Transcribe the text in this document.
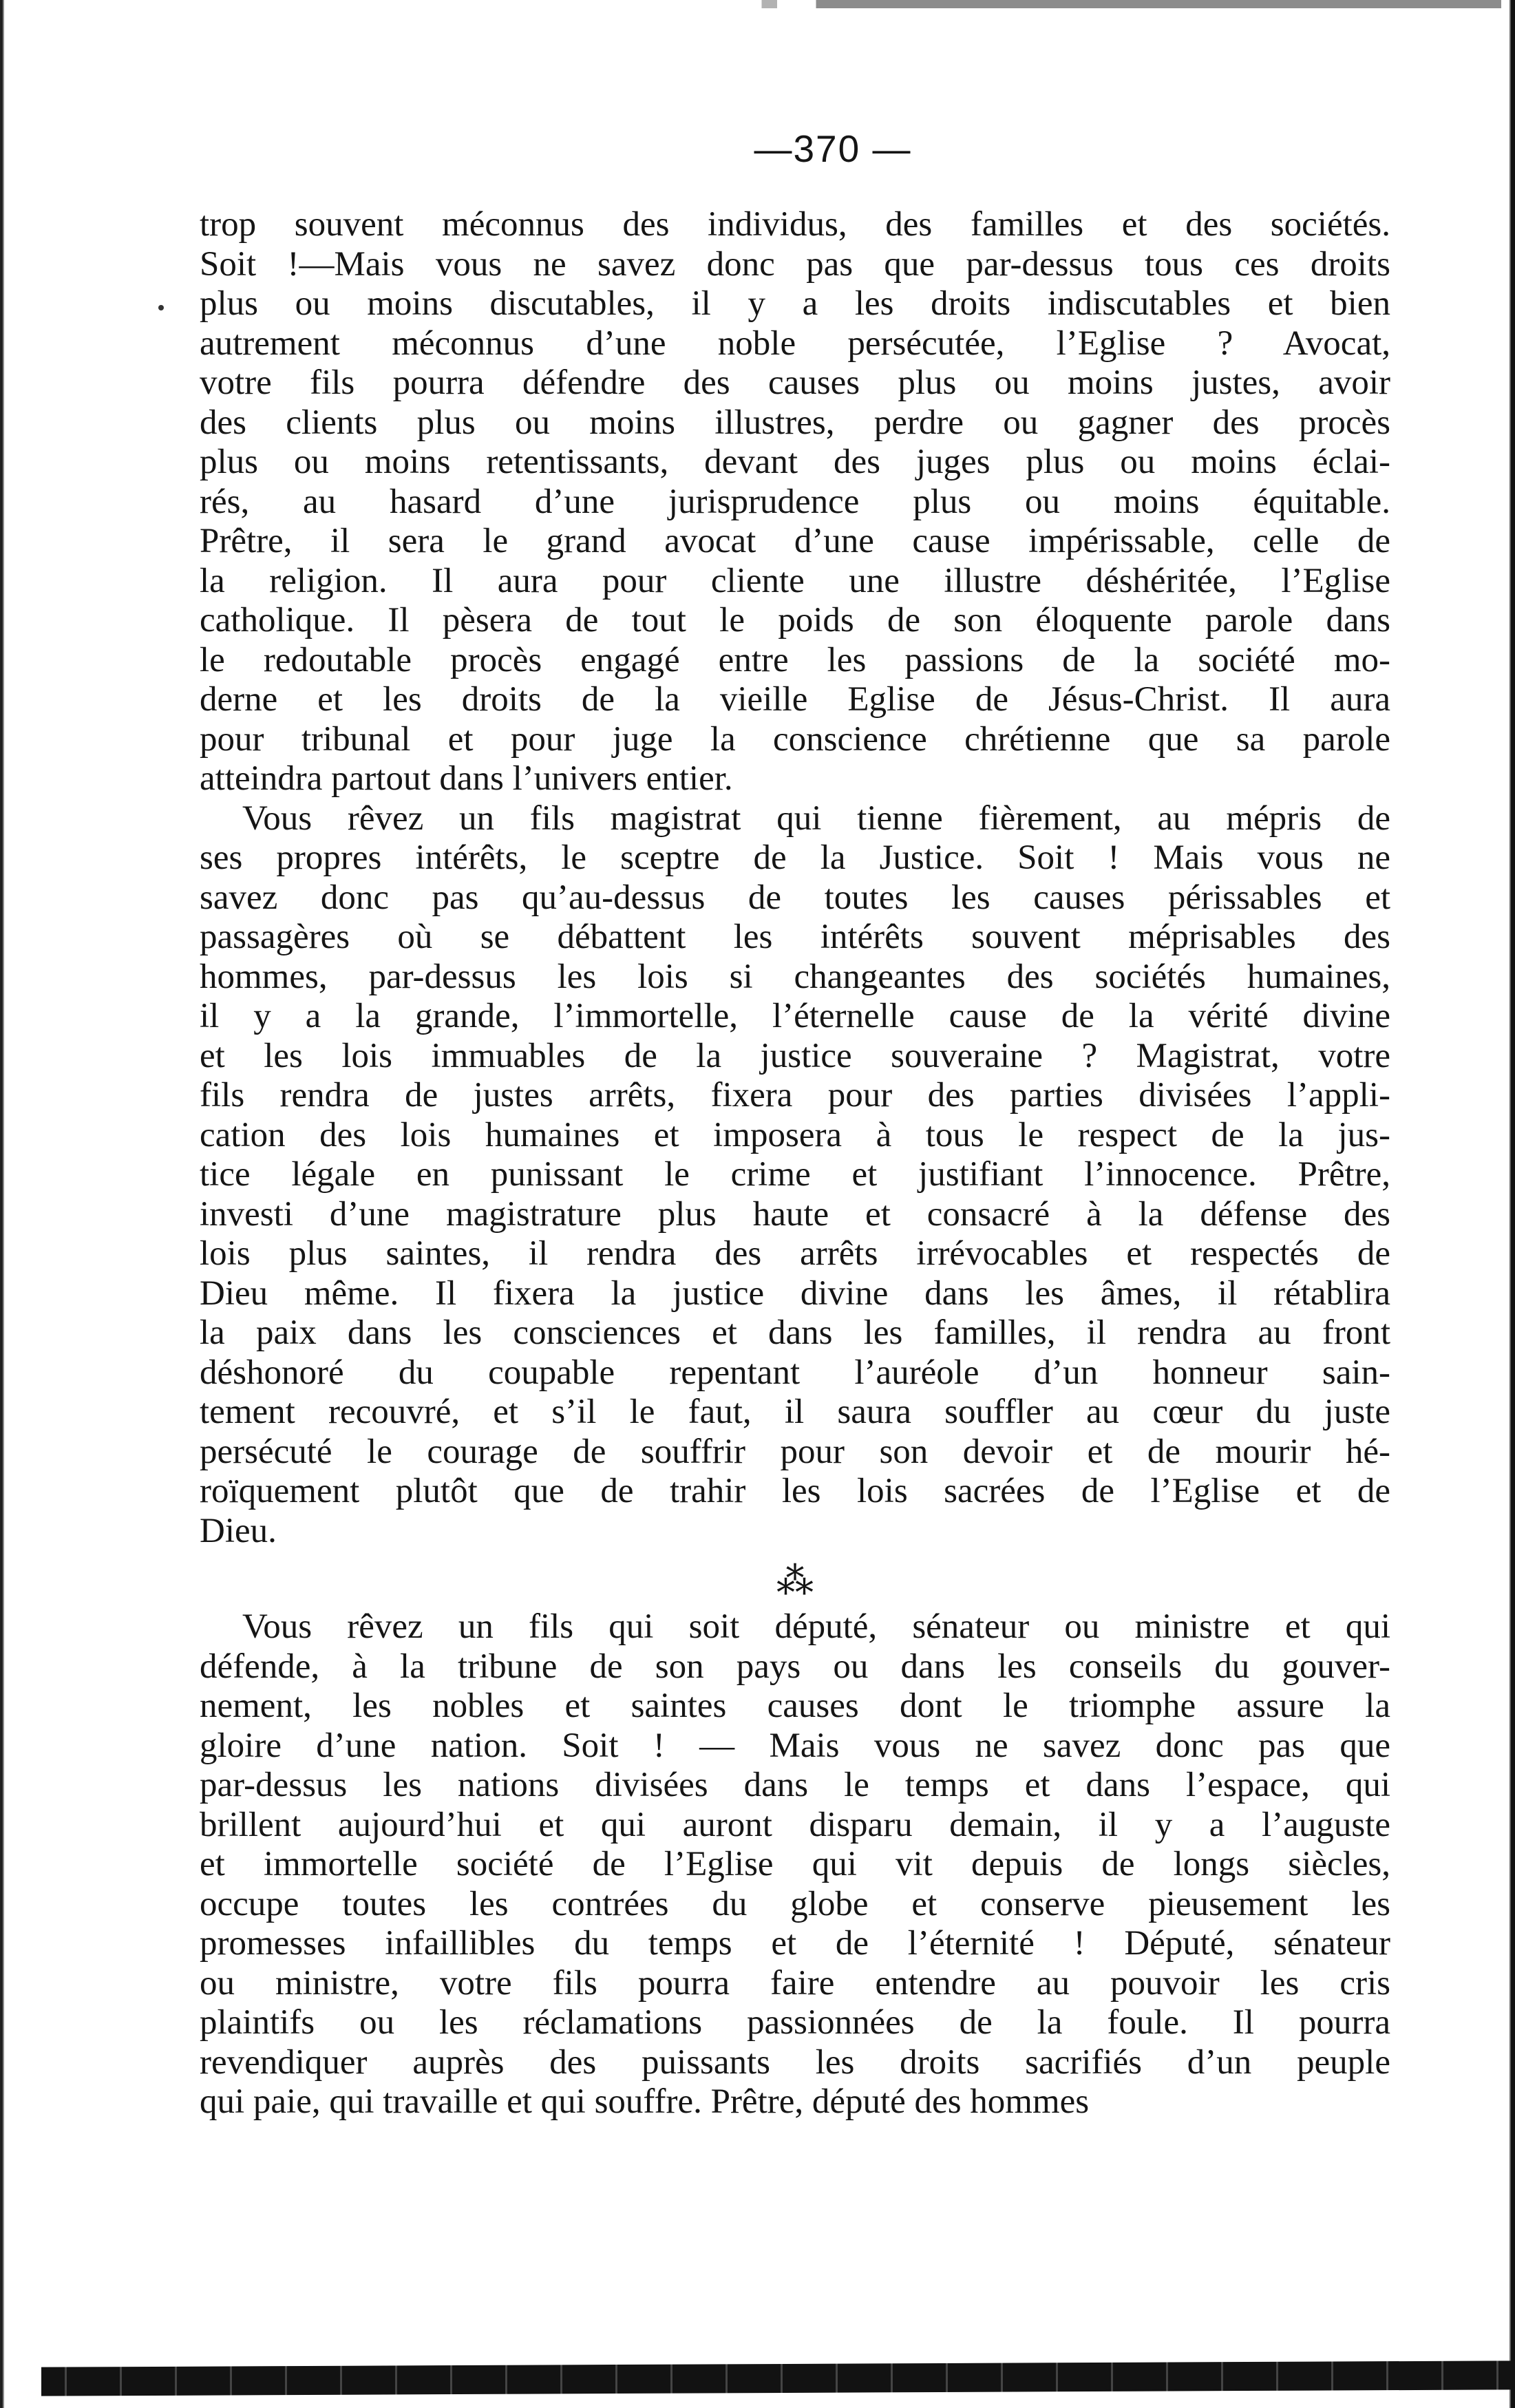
—370 —
trop souvent méconnus des individus, des familles et des sociétés.
Soit !—Mais vous ne savez donc pas que par-dessus tous ces droits
plus ou moins discutables, il y a les droits indiscutables et bien
autrement méconnus d’une noble persécutée, l’Eglise ? Avocat,
votre fils pourra défendre des causes plus ou moins justes, avoir
des clients plus ou moins illustres, perdre ou gagner des procès
plus ou moins retentissants, devant des juges plus ou moins éclai-
rés, au hasard d’une jurisprudence plus ou moins équitable.
Prêtre, il sera le grand avocat d’une cause impérissable, celle de
la religion. Il aura pour cliente une illustre déshéritée, l’Eglise
catholique. Il pèsera de tout le poids de son éloquente parole dans
le redoutable procès engagé entre les passions de la société mo-
derne et les droits de la vieille Eglise de Jésus-Christ. Il aura
pour tribunal et pour juge la conscience chrétienne que sa parole
atteindra partout dans l’univers entier.
Vous rêvez un fils magistrat qui tienne fièrement, au mépris de
ses propres intérêts, le sceptre de la Justice. Soit ! Mais vous ne
savez donc pas qu’au-dessus de toutes les causes périssables et
passagères où se débattent les intérêts souvent méprisables des
hommes, par-dessus les lois si changeantes des sociétés humaines,
il y a la grande, l’immortelle, l’éternelle cause de la vérité divine
et les lois immuables de la justice souveraine ? Magistrat, votre
fils rendra de justes arrêts, fixera pour des parties divisées l’appli-
cation des lois humaines et imposera à tous le respect de la jus-
tice légale en punissant le crime et justifiant l’innocence. Prêtre,
investi d’une magistrature plus haute et consacré à la défense des
lois plus saintes, il rendra des arrêts irrévocables et respectés de
Dieu même. Il fixera la justice divine dans les âmes, il rétablira
la paix dans les consciences et dans les familles, il rendra au front
déshonoré du coupable repentant l’auréole d’un honneur sain-
tement recouvré, et s’il le faut, il saura souffler au cœur du juste
persécuté le courage de souffrir pour son devoir et de mourir hé-
roïquement plutôt que de trahir les lois sacrées de l’Eglise et de
Dieu.
⁂
Vous rêvez un fils qui soit député, sénateur ou ministre et qui
défende, à la tribune de son pays ou dans les conseils du gouver-
nement, les nobles et saintes causes dont le triomphe assure la
gloire d’une nation. Soit ! — Mais vous ne savez donc pas que
par-dessus les nations divisées dans le temps et dans l’espace, qui
brillent aujourd’hui et qui auront disparu demain, il y a l’auguste
et immortelle société de l’Eglise qui vit depuis de longs siècles,
occupe toutes les contrées du globe et conserve pieusement les
promesses infaillibles du temps et de l’éternité ! Député, sénateur
ou ministre, votre fils pourra faire entendre au pouvoir les cris
plaintifs ou les réclamations passionnées de la foule. Il pourra
revendiquer auprès des puissants les droits sacrifiés d’un peuple
qui paie, qui travaille et qui souffre. Prêtre, député des hommes
